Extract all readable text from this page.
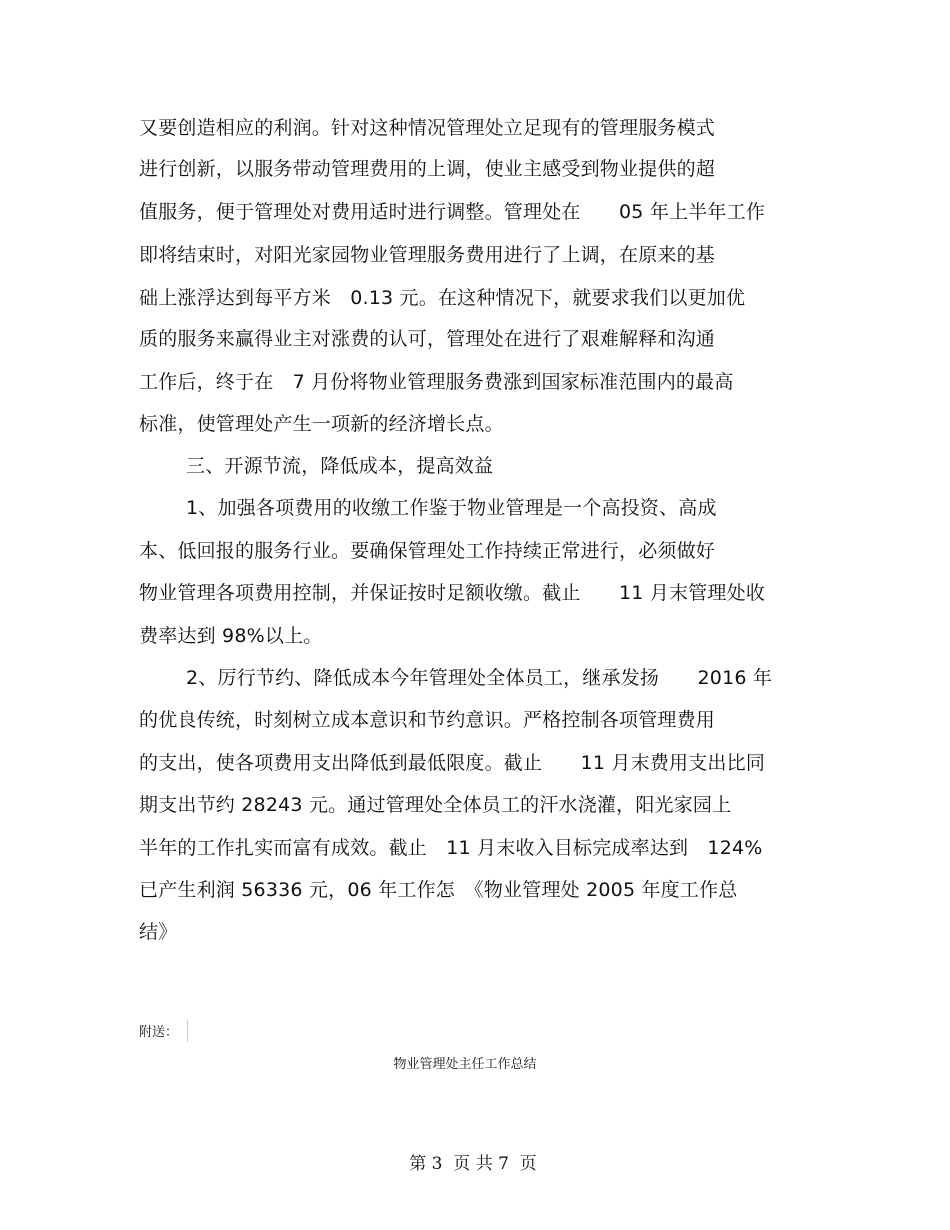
又要创造相应的利润。针对这种情况管理处立足现有的管理服务模式
进行创新，以服务带动管理费用的上调，使业主感受到物业提供的超
值服务，便于管理处对费用适时进行调整。管理处在　　05 年上半年工作
即将结束时，对阳光家园物业管理服务费用进行了上调，在原来的基
础上涨浮达到每平方米　0.13 元。在这种情况下，就要求我们以更加优
质的服务来赢得业主对涨费的认可，管理处在进行了艰难解释和沟通
工作后，终于在　7 月份将物业管理服务费涨到国家标准范围内的最高
标准，使管理处产生一项新的经济增长点。
三、开源节流，降低成本，提高效益
1、加强各项费用的收缴工作鉴于物业管理是一个高投资、高成
本、低回报的服务行业。要确保管理处工作持续正常进行，必须做好
物业管理各项费用控制，并保证按时足额收缴。截止　　11 月末管理处收
费率达到 98%以上。
2、厉行节约、降低成本今年管理处全体员工，继承发扬　　2016 年
的优良传统，时刻树立成本意识和节约意识。严格控制各项管理费用
的支出，使各项费用支出降低到最低限度。截止　　11 月末费用支出比同
期支出节约 28243 元。通过管理处全体员工的汗水浇灌，阳光家园上
半年的工作扎实而富有成效。截止　11 月末收入目标完成率达到　124%
已产生利润 56336 元，06 年工作怎　《物业管理处 2005 年度工作总
结》
附送：
物业管理处主任工作总结
第 3  页 共 7  页
